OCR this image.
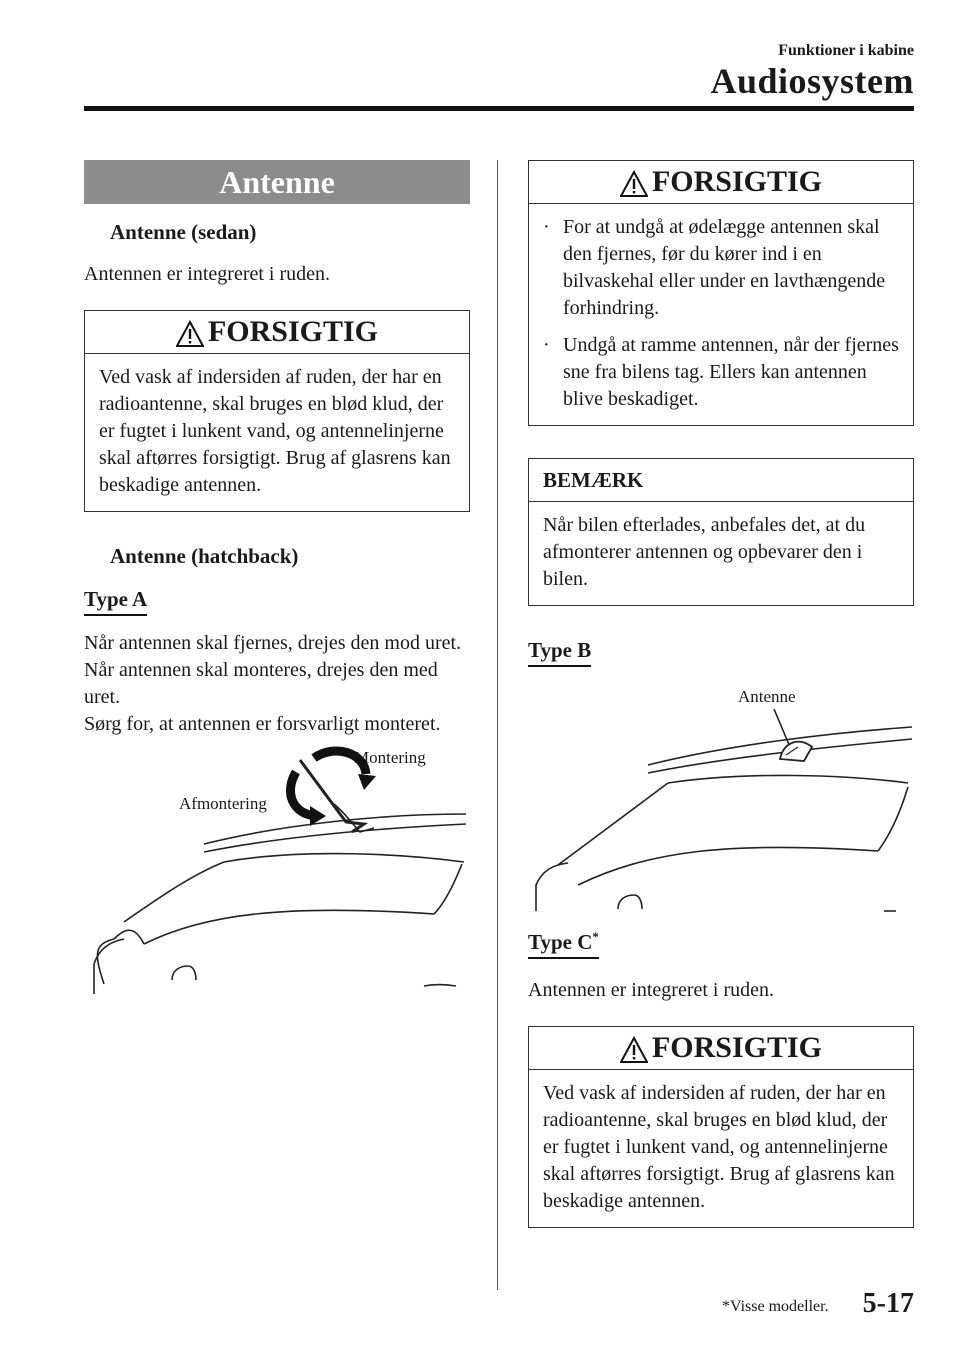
Funktioner i kabine
Audiosystem
Antenne
Antenne (sedan)
Antennen er integreret i ruden.
FORSIGTIG
Ved vask af indersiden af ruden, der har en radioantenne, skal bruges en blød klud, der er fugtet i lunkent vand, og antennelinjerne skal aftørres forsigtigt. Brug af glasrens kan beskadige antennen.
Antenne (hatchback)
Type A
Når antennen skal fjernes, drejes den mod uret.
Når antennen skal monteres, drejes den med uret.
Sørg for, at antennen er forsvarligt monteret.
Montering
Afmontering
FORSIGTIG
· For at undgå at ødelægge antennen skal den fjernes, før du kører ind i en bilvaskehal eller under en lavthængende forhindring.
· Undgå at ramme antennen, når der fjernes sne fra bilens tag. Ellers kan antennen blive beskadiget.
BEMÆRK
Når bilen efterlades, anbefales det, at du afmonterer antennen og opbevarer den i bilen.
Type B
Antenne
Type C*
Antennen er integreret i ruden.
FORSIGTIG
Ved vask af indersiden af ruden, der har en radioantenne, skal bruges en blød klud, der er fugtet i lunkent vand, og antennelinjerne skal aftørres forsigtigt. Brug af glasrens kan beskadige antennen.
*Visse modeller. 5-17
